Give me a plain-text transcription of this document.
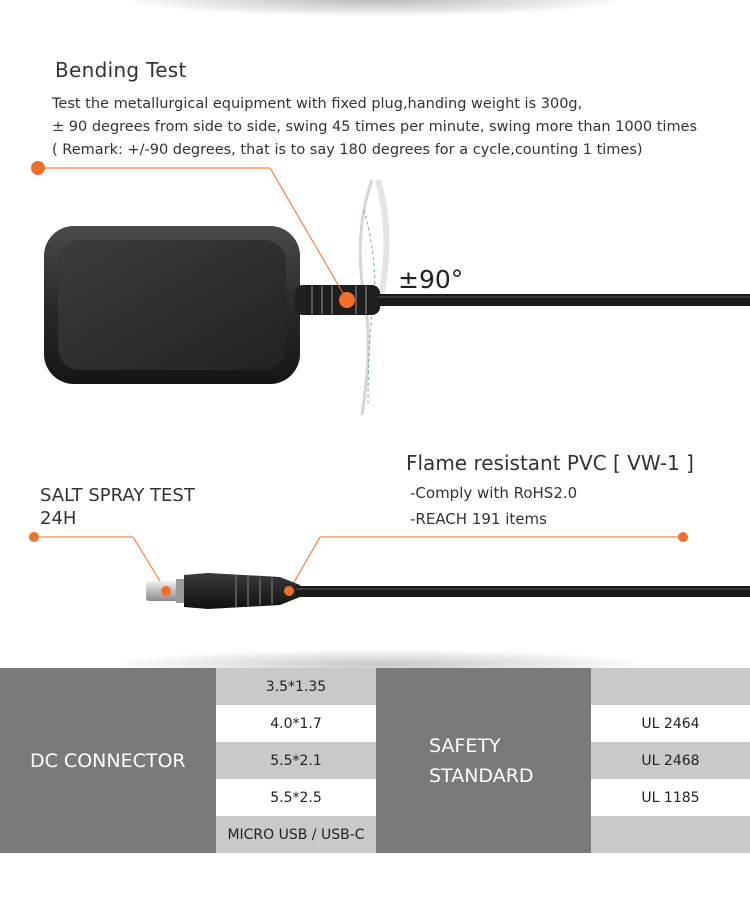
Bending Test
Test the metallurgical equipment with fixed plug,handing weight is 300g,
± 90 degrees from side to side, swing 45 times per minute, swing more than 1000 times
( Remark: +/-90 degrees, that is to say 180 degrees for a cycle,counting 1 times)
±90°
Flame resistant PVC [ VW-1 ]
-Comply with RoHS2.0
-REACH 191 items
SALT SPRAY TEST
24H
DC CONNECTOR
3.5*1.35
4.0*1.7
5.5*2.1
5.5*2.5
MICRO USB / USB-C
SAFETY
STANDARD
UL 2464
UL 2468
UL 1185
